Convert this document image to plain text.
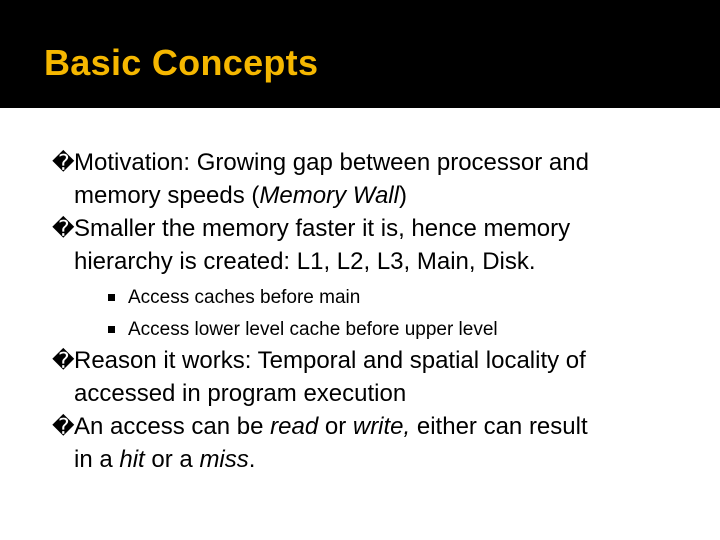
Basic Concepts
� Motivation: Growing gap between processor and
memory speeds (Memory Wall)
� Smaller the memory faster it is, hence memory
hierarchy is created: L1, L2, L3, Main, Disk.
Access caches before main
Access lower level cache before upper level
� Reason it works: Temporal and spatial locality of
accessed in program execution
� An access can be read or write, either can result
in a hit or a miss.
